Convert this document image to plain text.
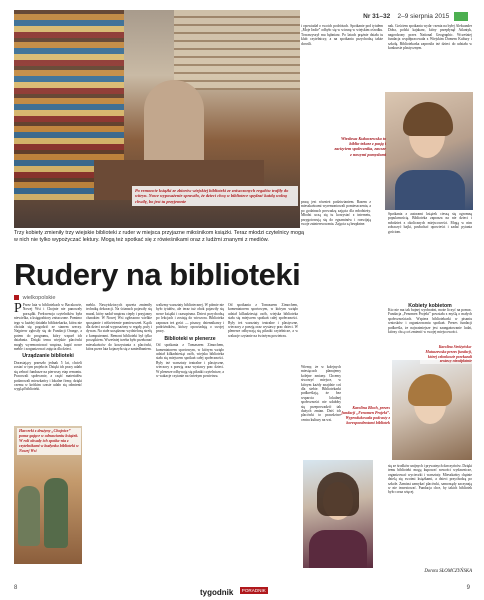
Nr 31–32 2–9 sierpnia 2015
Po remoncie książki ze zbiorów wiejskiej biblioteki ze zniszczonych regałów trafiły do witryn. Nowe wyposażenie sprawiło, że dzieci chcą w bibliotece spędzać każdą wolną chwilę, bo jest tu przyjemnie
Wiesława Kubaczewska to biblio-tekarz z pasją i zacięciem społecznika, zawsze z nowymi pomysłami
i opowiadał o swoich podróżach. Spotkanie pod tytułem „Moje Indie” odbyło się w wiosnę w wiejskim ośrodku. Towarzyszył mu bębniarz. Po latach prężnie działa tu klub czytelniczy, a na spotkania przychodzą także dorośli.
nak. Gościem spotkania wyda- rzenia na byłej Aleksander Doba, polski kajakarz, który przepłynął Atlantyk, nagrodzony przez National Geographic. Wcześniej fundacja współpracowała z Wiejskim Domem Kultury i szkołą. Bibliotekarka zaprosiła też dzieci do udziału w konkursie plastycznym.
Trzy kobiety zmieniły trzy wiejskie biblioteki z ruder w miejsca przyjazne miłośnikom książki. Teraz młodzi czytelnicy mogą w nich nie tylko wypożyczać lektury. Mogą też spotkać się z rówieśnikami oraz z ludźmi znanymi z mediów.
Rudery na biblioteki
wielkopolskie
P Przez lata w bibliotekach w Baczkowie, Nowej Wsi i Chojnie nie panowały porządki. Frekwencja czytelników była niewielka, a księgozbiory zniszczone. Pomimo tego w każdej działała bibliotekarka, która nie chciała się pogodzić ze stanem rzeczy. Najpierw zgłosiły się do Fundacji Orange, a potem do programu, który wsparł ich działania. Dzięki temu wiejskie placówki mogły wyremontować wnętrza, kupić nowe meble i zorganizować zajęcia dla dzieci.
Urządzanie biblioteki
Dorastający przeszło jednak 5 lat, chcieli zostać w tym projekcie. Dzięki ich pracy udało się zebrać fundusze na pierwszy etap remontu. Pracowali społecznie, a część materiałów podarowali mieszkańcy i lokalne firmy, dzięki czemu w krótkim czasie udało się odmienić wygląd biblioteki.
Harcerki z drużyny „Chojnice” poma-gające w odnawianiu książek. W roli obsady ich spotka-nia z czytelnikami w budynku biblioteki w Nowej Wsi
mebla. Nawyżdziocych sprzeta zmieniły technikę dekoracji. Na ścianach pojawiły się mural, który nadał wnętrzu ciepły i przyjazny charakter. W Nowej Wsi ogłoszono wielkie sprzątanie i odświeżenie pomieszczeń. Kącik dla dzieci został wyposażony w regały, pufy i dywan. Na stałe urządzono wydzieloną strefę z komputerami. Remont biblioteki był tylko początkiem. Wcześniej trzeba było przekonać mieszkańców do korzystania z placówki, która przez lata kojarzyła się z zaniedbaniem.
walizmy warsztaty bibliotecznej. W piśmie nie było tytułów, ale teraz tuż obok pojawiły się nowe książki i czasopisma. Dzieci przychodzą po lekcjach i zostają do wieczora. Biblioteka zaprasza też gości — pisarzy, dziennikarzy i podróżników, którzy opowiadają o swojej pracy.
Biblioteki w plenerze
Od spotkania z Tomaszem Zimochem, komentatorem sportowym, w którym wzięło udział kilkadziesiąt osób, wiejska biblioteka stała się miejscem spotkań całej społeczności. Były też warsztaty teatralne i plastyczne, wieczory z poezją oraz wystawy prac dzieci. W plenerze odbywają się pikniki czytelnicze, a w wakacje czytanie na świeżym powietrzu.
Od spotkania z Tomaszem Zimochem, komentatorem sportowym, w którym wzięło udział kilkadziesiąt osób, wiejska biblioteka stała się miejscem spotkań całej społeczności. Były też warsztaty teatralne i plastyczne, wieczory z poezją oraz wystawy prac dzieci. W plenerze odbywają się pikniki czytelnicze, a w wakacje czytanie na świeżym powietrzu.
pracę jest również podziwianiem. Razem z mieszkańcami wyremontowali pomieszczenia, a po godzinach prowadzą zajęcia dla młodzieży. Młodzi uczą się tu korzystać z internetu, przygotowują się do egzaminów i rozwijają swoje zainteresowania. Zajęcia są bezpłatne.
Karolina Bloch, prezes fundacji „Fenomen Projekt”. Wyprodukowała podcasty z korespondentami bibliotek
Wiemy, że w kolejnych miesiącach planujemy kolejne zmiany. Chcemy stworzyć miejsce, w którym każdy znajdzie coś dla siebie. Bibliotekarki podkreślają, że bez wsparcia lokalnej społeczności nie udałoby się przeprowadzić tak dużych zmian. Dziś ich placówki to prawdziwe centra kultury na wsi.
Spotkania z autorami książek cieszą się ogromną popularnością. Biblioteka zaprasza na nie dzieci i młodzież z okolicznych miejscowości. Mogą w nim zobaczyć bajki, posłuchać opowieści i zadać pytania gościom.
Kobiety kobietom
Kto nie ma tak bujnej wyobraźni, może liczyć na pomoc. Fundacja „Fenomen Projekt” powstała z myślą o małych społecznościach. Wspiera bibliotekarki w pisaniu wniosków i organizowaniu spotkań. Prezes fundacji podkreśla, że najważniejsze jest zaangażowanie ludzi, którzy chcą coś zmienić w swojej miejscowości.
Karolina Stróżyńska-Matuszewska prezes fundacji, której członkowie przekazali zestawy nieodpłatnie
się ze środków unijnych i prywatnych darczyńców. Dzięki temu biblioteki mogą kupować nowości wydawnicze, organizować wycieczki i warsztaty. Mieszkańcy chętnie dzielą się swoimi książkami, a dzieci przychodzą po szkole. Zamiast zamykać placówki, samorządy zaczynają w nie inwestować. Fundacja chce, by takich bibliotek było coraz więcej.
Dorota SŁOMCZYŃSKA
8	tygodnik PORADNIK	9
